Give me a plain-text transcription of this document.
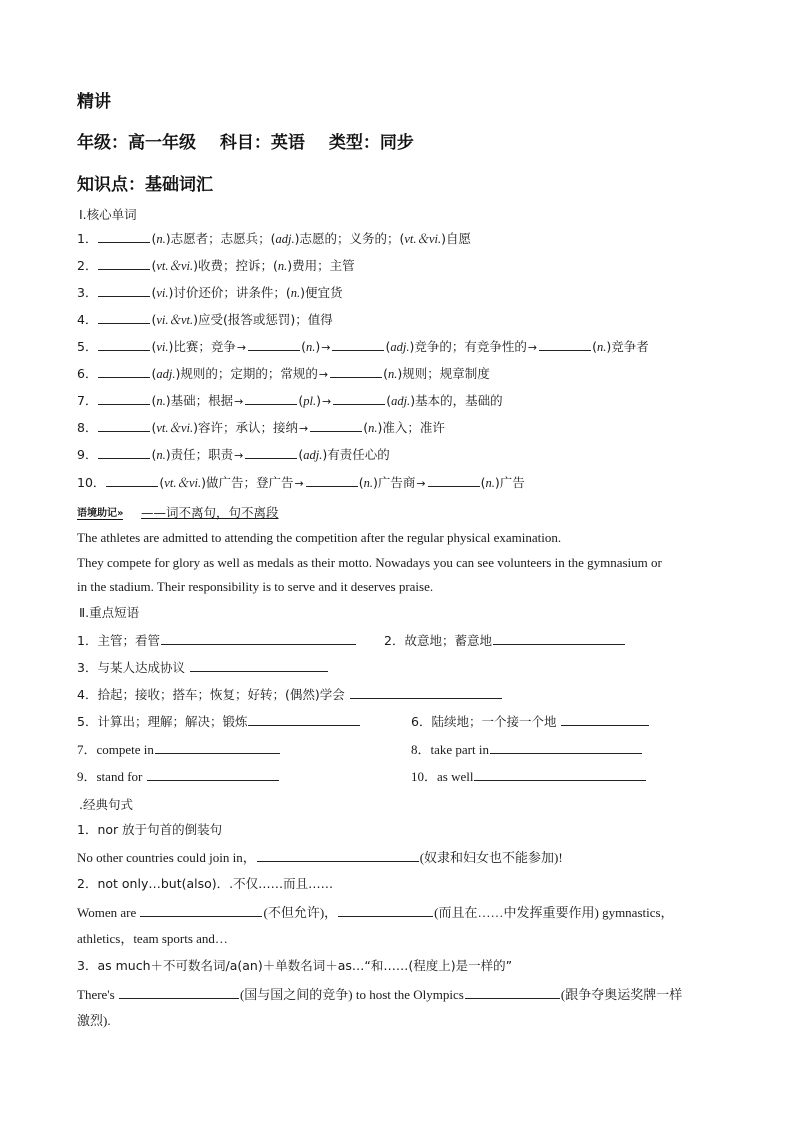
精讲
年级：高一年级 科目：英语 类型：同步
知识点：基础词汇
Ⅰ.核心单词
1．	(n.)志愿者；志愿兵；(adj.)志愿的；义务的；(vt.＆vi.)自愿
2．	(vt.＆vi.)收费；控诉；(n.)费用；主管
3．	(vi.)讨价还价；讲条件；(n.)便宜货
4．	(vi.＆vt.)应受(报答或惩罚)；值得
5．	(vi.)比赛；竞争→	(n.)→	(adj.)竞争的；有竞争性的→	(n.)竞争者
6．	(adj.)规则的；定期的；常规的→	(n.)规则；规章制度
7．	(n.)基础；根据→	(pl.)→	(adj.)基本的，基础的
8．	(vt.＆vi.)容许；承认；接纳→	(n.)准入；准许
9．	(n.)责任；职责→	(adj.)有责任心的
10．	(vt.＆vi.)做广告；登广告→	(n.)广告商→	(n.)广告
语境助记» ——词不离句，句不离段
The athletes are admitted to attending the competition after the regular physical examination.
They compete for glory as well as medals as their motto. Nowadays you can see volunteers in the gymnasium or
in the stadium. Their responsibility is to serve and it deserves praise.
Ⅱ.重点短语
1．主管；看管	2．故意地；蓄意地
3．与某人达成协议
4．拾起；接收；搭车；恢复；好转；(偶然)学会
5．计算出；理解；解决；锻炼	6．陆续地；一个接一个地
7．compete in	8．take part in
9．stand for	10．as well
.经典句式
1．nor 放于句首的倒装句
No other countries could join in，	(奴隶和妇女也不能参加)!
2．not only…but(also)．.不仅……而且……
Women are	(不但允许)，	(而且在……中发挥重要作用) gymnastics，
athletics，team sports and…
3．as much＋不可数名词/a(an)＋单数名词＋as…“和……(程度上)是一样的”
There's	(国与国之间的竞争) to host the Olympics	(跟争夺奥运奖牌一样
激烈).
